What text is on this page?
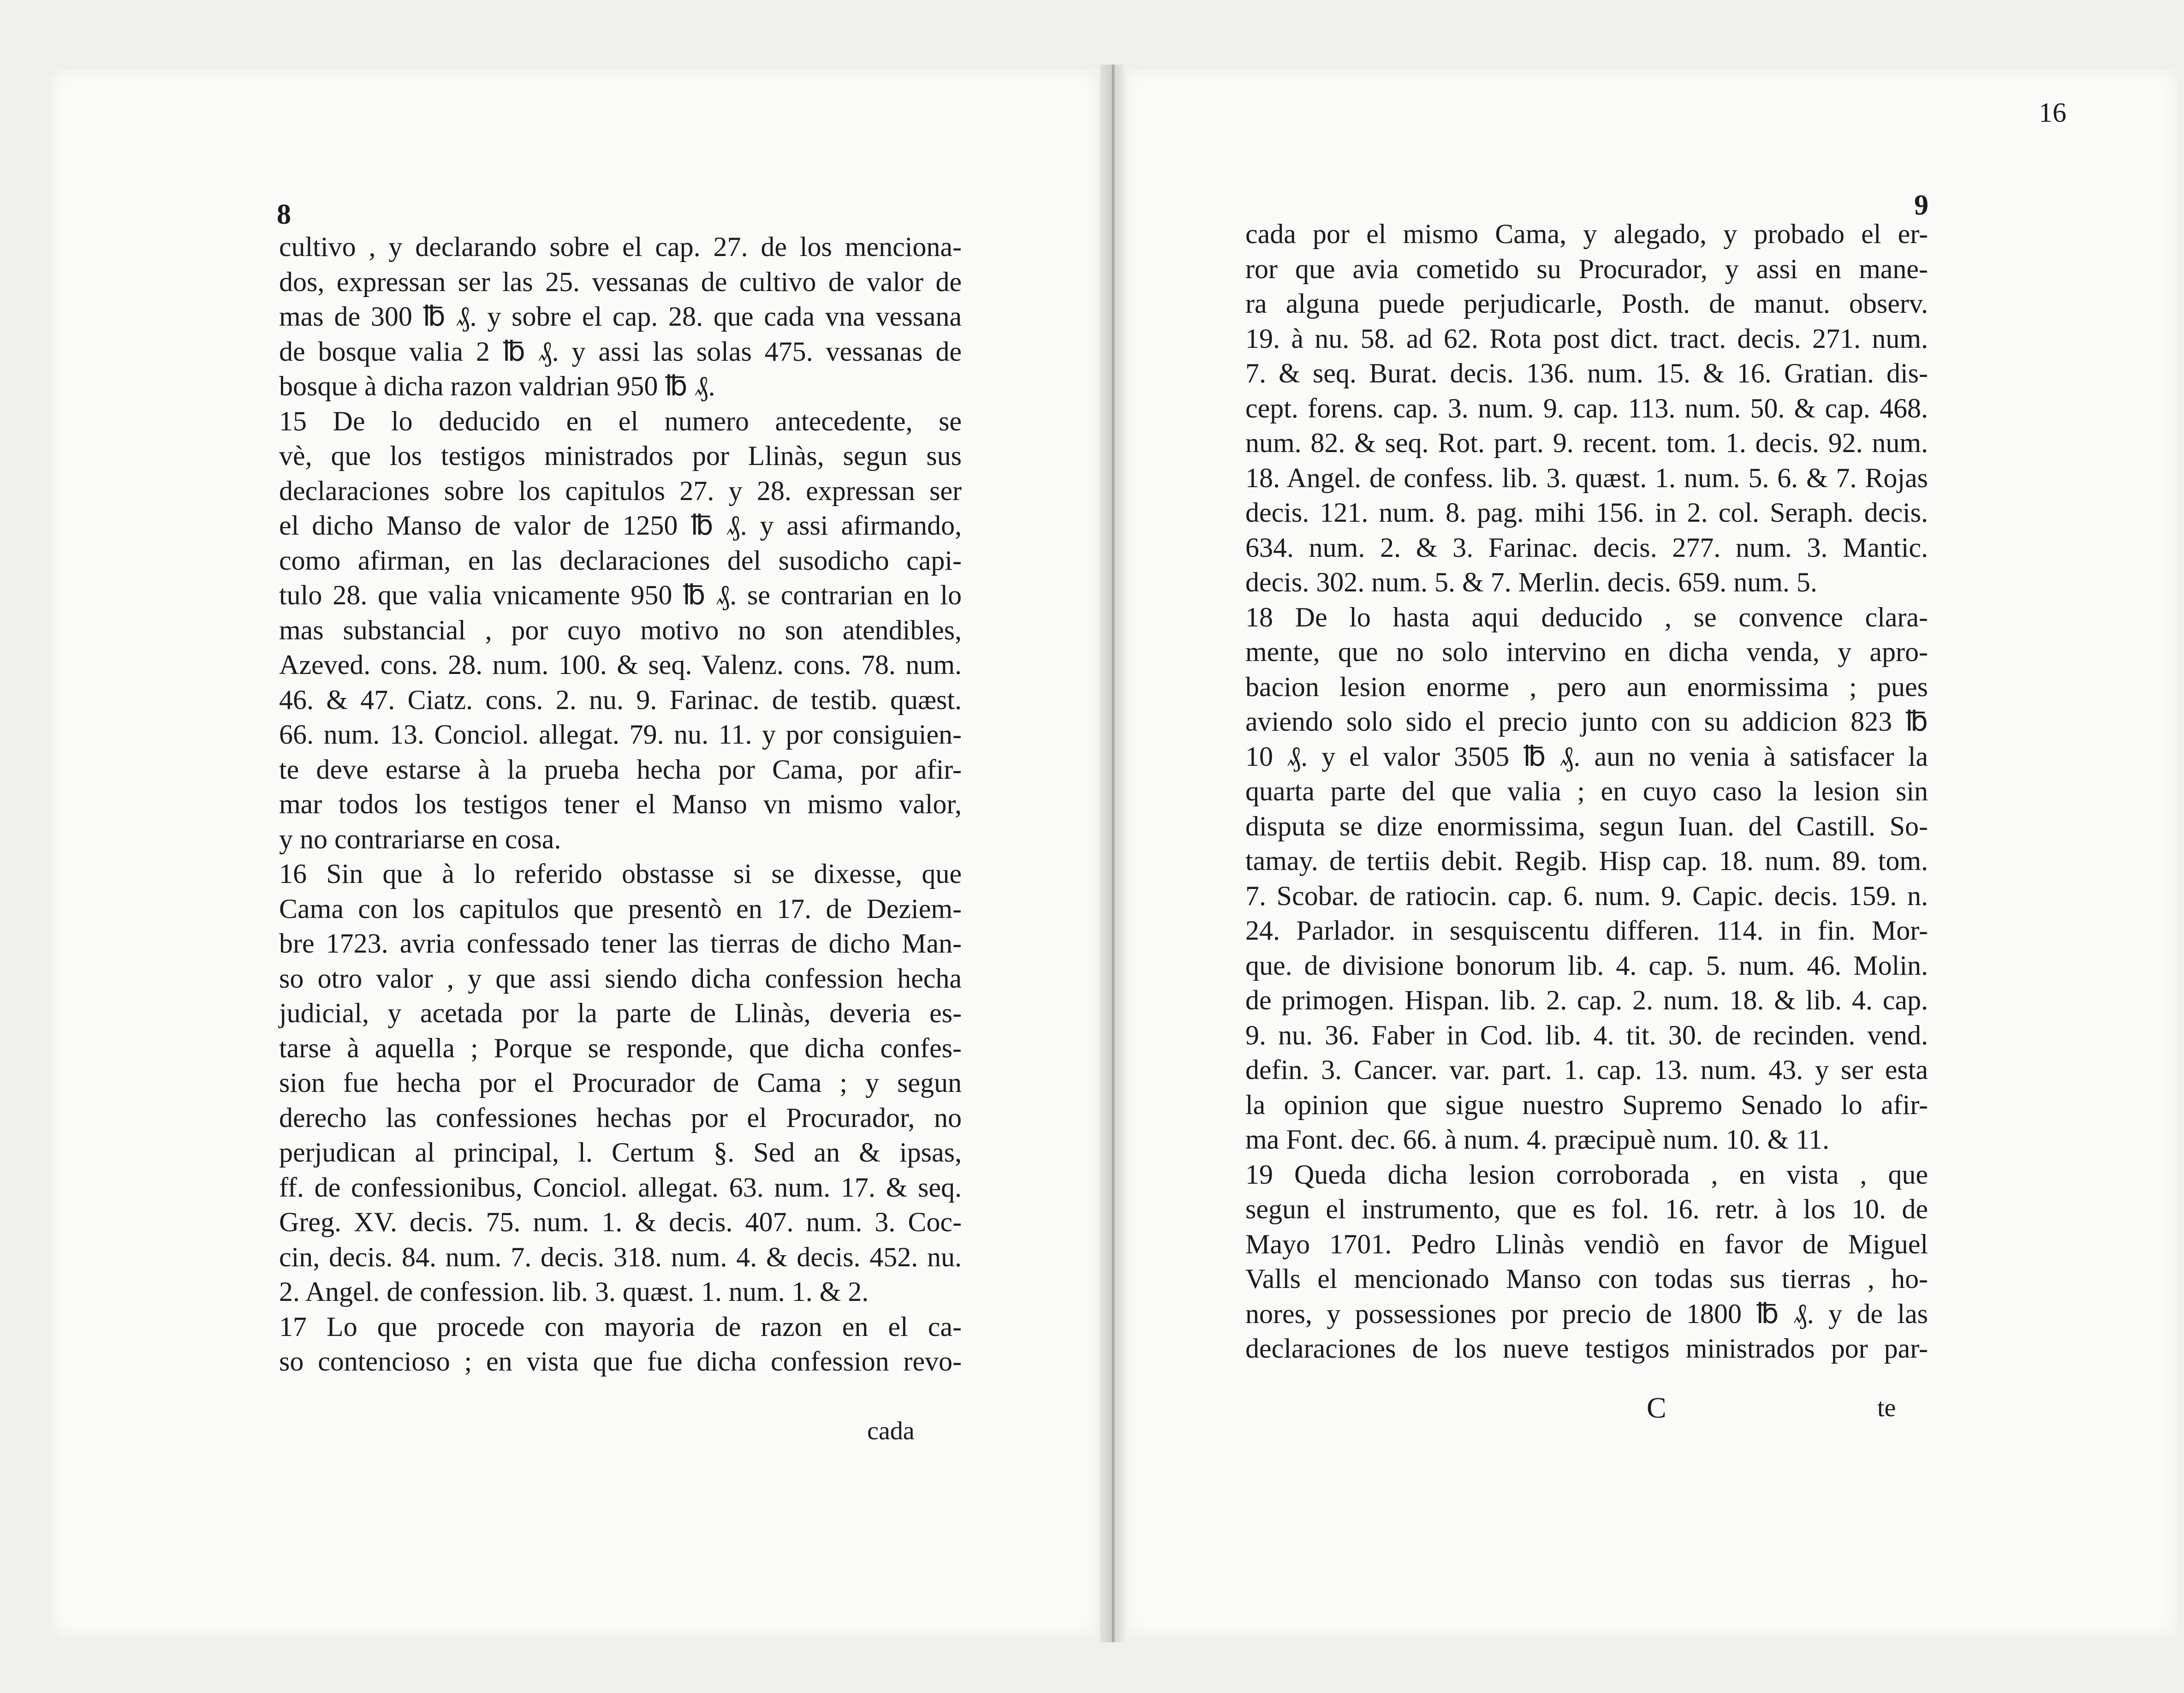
16
8
cultivo , y declarando sobre el cap. 27. de los menciona-
dos, expressan ser las 25. vessanas de cultivo de valor de
mas de 300 ℔ ₰. y sobre el cap. 28. que cada vna vessana
de bosque valia 2 ℔ ₰. y assi las solas 475. vessanas de
bosque à dicha razon valdrian 950 ℔ ₰.
15 De lo deducido en el numero antecedente, se
vè, que los testigos ministrados por Llinàs, segun sus
declaraciones sobre los capitulos 27. y 28. expressan ser
el dicho Manso de valor de 1250 ℔ ₰. y assi afirmando,
como afirman, en las declaraciones del susodicho capi-
tulo 28. que valia vnicamente 950 ℔ ₰. se contrarian en lo
mas substancial , por cuyo motivo no son atendibles,
Azeved. cons. 28. num. 100. & seq. Valenz. cons. 78. num.
46. & 47. Ciatz. cons. 2. nu. 9. Farinac. de testib. quæst.
66. num. 13. Conciol. allegat. 79. nu. 11. y por consiguien-
te deve estarse à la prueba hecha por Cama, por afir-
mar todos los testigos tener el Manso vn mismo valor,
y no contrariarse en cosa.
16 Sin que à lo referido obstasse si se dixesse, que
Cama con los capitulos que presentò en 17. de Deziem-
bre 1723. avria confessado tener las tierras de dicho Man-
so otro valor , y que assi siendo dicha confession hecha
judicial, y acetada por la parte de Llinàs, deveria es-
tarse à aquella ; Porque se responde, que dicha confes-
sion fue hecha por el Procurador de Cama ; y segun
derecho las confessiones hechas por el Procurador, no
perjudican al principal, l. Certum §. Sed an & ipsas,
ff. de confessionibus, Conciol. allegat. 63. num. 17. & seq.
Greg. XV. decis. 75. num. 1. & decis. 407. num. 3. Coc-
cin, decis. 84. num. 7. decis. 318. num. 4. & decis. 452. nu.
2. Angel. de confession. lib. 3. quæst. 1. num. 1. & 2.
17 Lo que procede con mayoria de razon en el ca-
so contencioso ; en vista que fue dicha confession revo-
cada
9
cada por el mismo Cama, y alegado, y probado el er-
ror que avia cometido su Procurador, y assi en mane-
ra alguna puede perjudicarle, Posth. de manut. observ.
19. à nu. 58. ad 62. Rota post dict. tract. decis. 271. num.
7. & seq. Burat. decis. 136. num. 15. & 16. Gratian. dis-
cept. forens. cap. 3. num. 9. cap. 113. num. 50. & cap. 468.
num. 82. & seq. Rot. part. 9. recent. tom. 1. decis. 92. num.
18. Angel. de confess. lib. 3. quæst. 1. num. 5. 6. & 7. Rojas
decis. 121. num. 8. pag. mihi 156. in 2. col. Seraph. decis.
634. num. 2. & 3. Farinac. decis. 277. num. 3. Mantic.
decis. 302. num. 5. & 7. Merlin. decis. 659. num. 5.
18 De lo hasta aqui deducido , se convence clara-
mente, que no solo intervino en dicha venda, y apro-
bacion lesion enorme , pero aun enormissima ; pues
aviendo solo sido el precio junto con su addicion 823 ℔
10 ₰. y el valor 3505 ℔ ₰. aun no venia à satisfacer la
quarta parte del que valia ; en cuyo caso la lesion sin
disputa se dize enormissima, segun Iuan. del Castill. So-
tamay. de tertiis debit. Regib. Hisp cap. 18. num. 89. tom.
7. Scobar. de ratiocin. cap. 6. num. 9. Capic. decis. 159. n.
24. Parlador. in sesquiscentu differen. 114. in fin. Mor-
que. de divisione bonorum lib. 4. cap. 5. num. 46. Molin.
de primogen. Hispan. lib. 2. cap. 2. num. 18. & lib. 4. cap.
9. nu. 36. Faber in Cod. lib. 4. tit. 30. de recinden. vend.
defin. 3. Cancer. var. part. 1. cap. 13. num. 43. y ser esta
la opinion que sigue nuestro Supremo Senado lo afir-
ma Font. dec. 66. à num. 4. præcipuè num. 10. & 11.
19 Queda dicha lesion corroborada , en vista , que
segun el instrumento, que es fol. 16. retr. à los 10. de
Mayo 1701. Pedro Llinàs vendiò en favor de Miguel
Valls el mencionado Manso con todas sus tierras , ho-
nores, y possessiones por precio de 1800 ℔ ₰. y de las
declaraciones de los nueve testigos ministrados por par-
C	te
